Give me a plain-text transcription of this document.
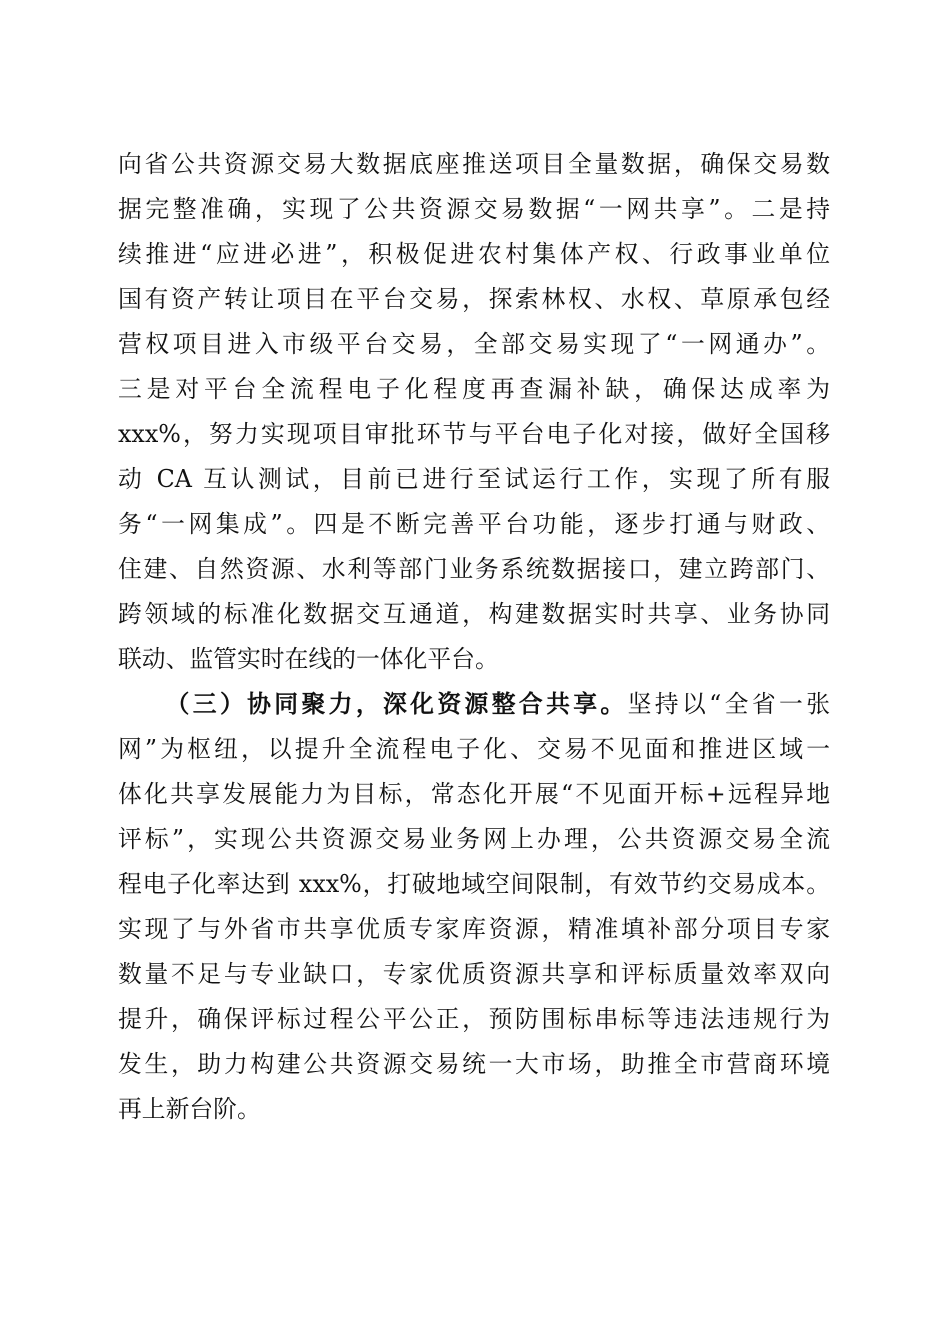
向省公共资源交易大数据底座推送项目全量数据，确保交易数
据完整准确，实现了公共资源交易数据“一网共享”。二是持
续推进“应进必进”，积极促进农村集体产权、行政事业单位
国有资产转让项目在平台交易，探索林权、水权、草原承包经
营权项目进入市级平台交易，全部交易实现了“一网通办”。
三是对平台全流程电子化程度再查漏补缺，确保达成率为
xxx%，努力实现项目审批环节与平台电子化对接，做好全国移
动 CA 互认测试，目前已进行至试运行工作，实现了所有服
务“一网集成”。四是不断完善平台功能，逐步打通与财政、
住建、自然资源、水利等部门业务系统数据接口，建立跨部门、
跨领域的标准化数据交互通道，构建数据实时共享、业务协同
联动、监管实时在线的一体化平台。
（三）协同聚力，深化资源整合共享。坚持以“全省一张
网”为枢纽，以提升全流程电子化、交易不见面和推进区域一
体化共享发展能力为目标，常态化开展“不见面开标+远程异地
评标”，实现公共资源交易业务网上办理，公共资源交易全流
程电子化率达到 xxx%，打破地域空间限制，有效节约交易成本。
实现了与外省市共享优质专家库资源，精准填补部分项目专家
数量不足与专业缺口，专家优质资源共享和评标质量效率双向
提升，确保评标过程公平公正，预防围标串标等违法违规行为
发生，助力构建公共资源交易统一大市场，助推全市营商环境
再上新台阶。
